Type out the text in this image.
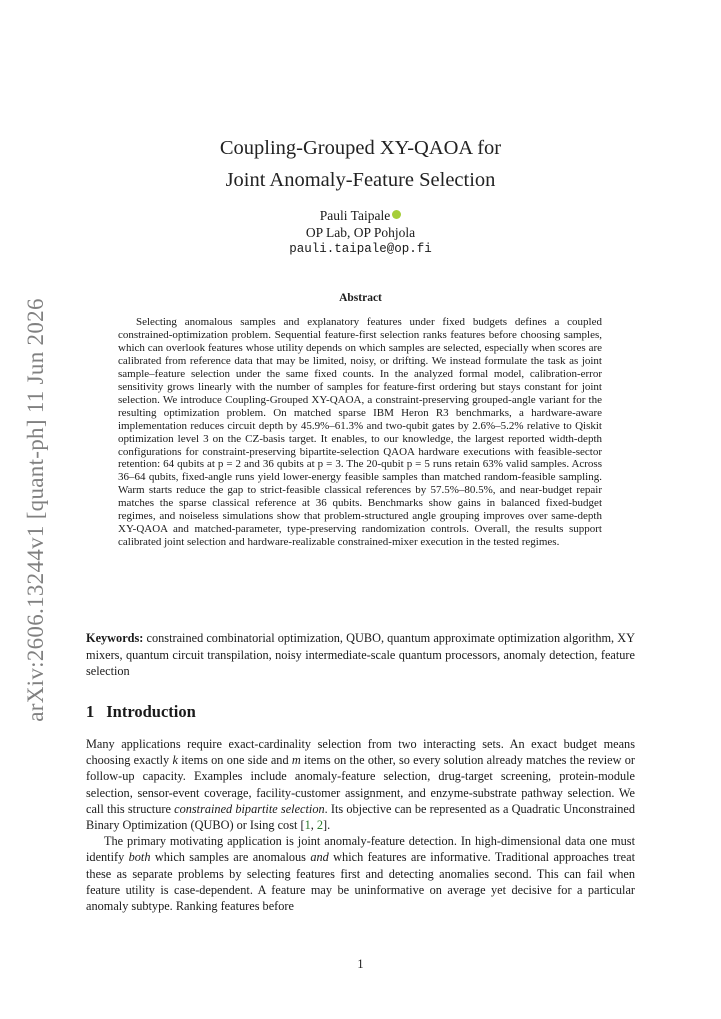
arXiv:2606.13244v1 [quant-ph] 11 Jun 2026
Coupling-Grouped XY-QAOA for
Joint Anomaly-Feature Selection
Pauli Taipale
OP Lab, OP Pohjola
pauli.taipale@op.fi
Abstract

Selecting anomalous samples and explanatory features under fixed budgets defines a coupled constrained-optimization problem. Sequential feature-first selection ranks features before choosing samples, which can overlook features whose utility depends on which samples are selected, especially when scores are calibrated from reference data that may be limited, noisy, or drifting. We instead formulate the task as joint sample–feature selection under the same fixed counts. In the analyzed formal model, calibration-error sensitivity grows linearly with the number of samples for feature-first ordering but stays constant for joint selection. We introduce Coupling-Grouped XY-QAOA, a constraint-preserving grouped-angle variant for the resulting optimization problem. On matched sparse IBM Heron R3 benchmarks, a hardware-aware implementation reduces circuit depth by 45.9%–61.3% and two-qubit gates by 2.6%–5.2% relative to Qiskit optimization level 3 on the CZ-basis target. It enables, to our knowledge, the largest reported width-depth configurations for constraint-preserving bipartite-selection QAOA hardware executions with feasible-sector retention: 64 qubits at p = 2 and 36 qubits at p = 3. The 20-qubit p = 5 runs retain 63% valid samples. Across 36–64 qubits, fixed-angle runs yield lower-energy feasible samples than matched random-feasible sampling. Warm starts reduce the gap to strict-feasible classical references by 57.5%–80.5%, and near-budget repair matches the sparse classical reference at 36 qubits. Benchmarks show gains in balanced fixed-budget regimes, and noiseless simulations show that problem-structured angle grouping improves over same-depth XY-QAOA and matched-parameter, type-preserving randomization controls. Overall, the results support calibrated joint selection and hardware-realizable constrained-mixer execution in the tested regimes.

Keywords: constrained combinatorial optimization, QUBO, quantum approximate optimization algorithm, XY mixers, quantum circuit transpilation, noisy intermediate-scale quantum processors, anomaly detection, feature selection

1 Introduction

Many applications require exact-cardinality selection from two interacting sets. An exact budget means choosing exactly k items on one side and m items on the other, so every solution already matches the review or follow-up capacity. Examples include anomaly-feature selection, drug-target screening, protein-module selection, sensor-event coverage, facility-customer assignment, and enzyme-substrate pathway selection. We call this structure constrained bipartite selection. Its objective can be represented as a Quadratic Unconstrained Binary Optimization (QUBO) or Ising cost [1, 2].

The primary motivating application is joint anomaly-feature detection. In high-dimensional data one must identify both which samples are anomalous and which features are informative. Traditional approaches treat these as separate problems by selecting features first and detecting anomalies second. This can fail when feature utility is case-dependent. A feature may be uninformative on average yet decisive for a particular anomaly subtype. Ranking features before

1
